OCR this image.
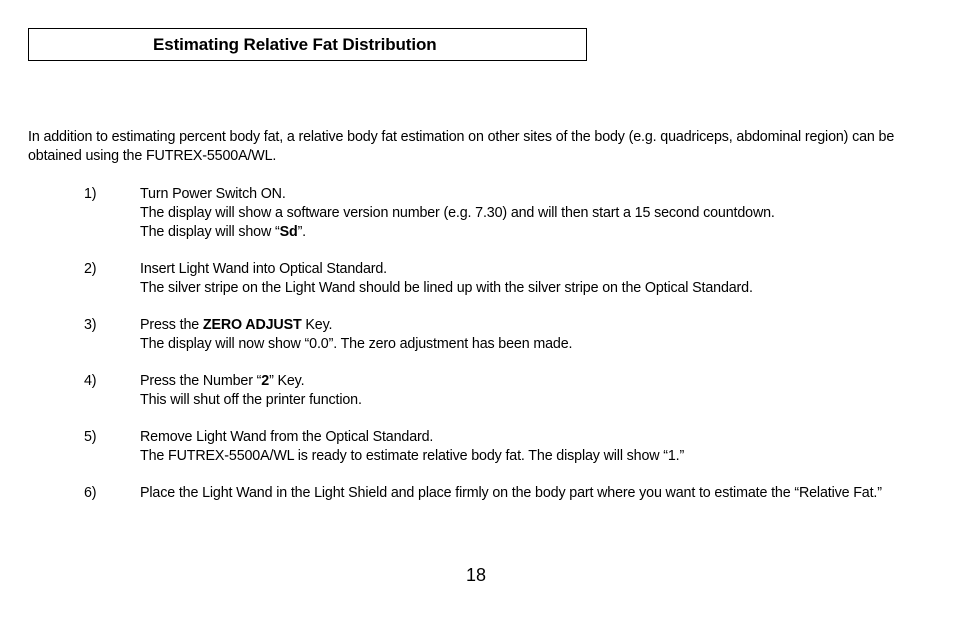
Estimating Relative Fat Distribution
In addition to estimating percent body fat, a relative body fat estimation on other sites of the body (e.g. quadriceps, abdominal region) can be obtained using the FUTREX-5500A/WL.
1)	Turn Power Switch ON.
The display will show a software version number (e.g. 7.30) and will then start a 15 second countdown.
The display will show “Sd”.
2)	Insert Light Wand into Optical Standard.
The silver stripe on the Light Wand should be lined up with the silver stripe on the Optical Standard.
3)	Press the ZERO ADJUST Key.
The display will now show “0.0”. The zero adjustment has been made.
4)	Press the Number “2” Key.
This will shut off the printer function.
5)	Remove Light Wand from the Optical Standard.
The FUTREX-5500A/WL is ready to estimate relative body fat. The display will show “1.”
6)	Place the Light Wand in the Light Shield and place firmly on the body part where you want to estimate the “Relative Fat.”
18
